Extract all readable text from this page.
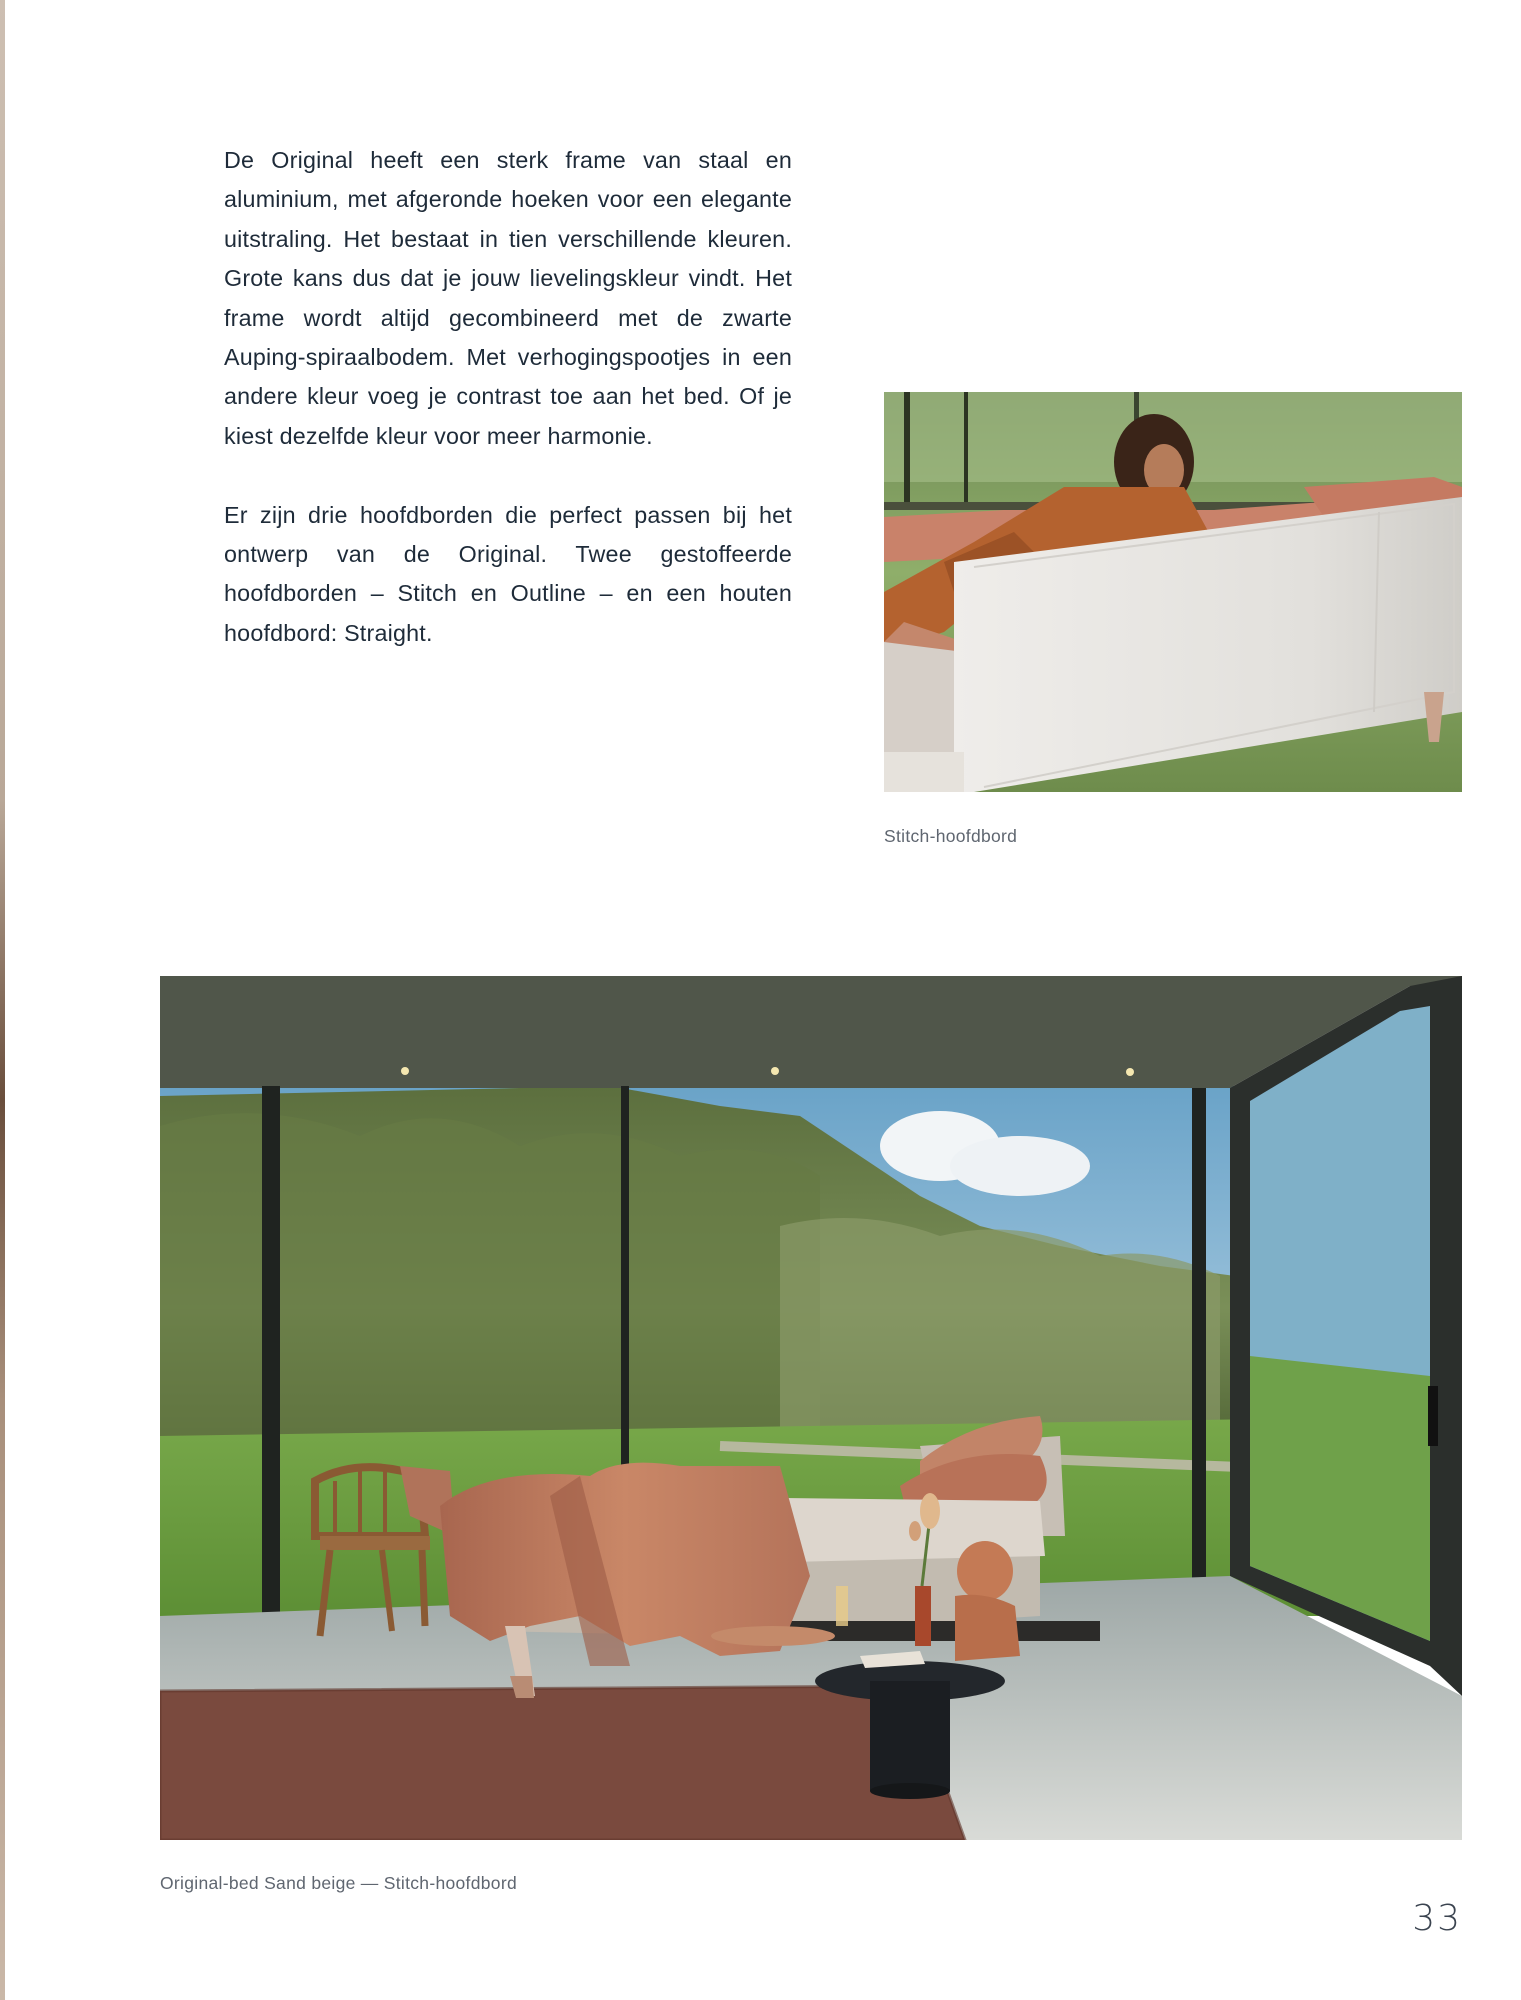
De Original heeft een sterk frame van staal en aluminium, met afgeronde hoeken voor een elegante uitstraling. Het bestaat in tien verschillende kleuren. Grote kans dus dat je jouw lievelingskleur vindt. Het frame wordt altijd gecombineerd met de zwarte Auping-spiraalbodem. Met verhogingspootjes in een andere kleur voeg je contrast toe aan het bed. Of je kiest dezelfde kleur voor meer harmonie.

Er zijn drie hoofdborden die perfect passen bij het ontwerp van de Original. Twee gestoffeerde hoofdborden – Stitch en Outline – en een houten hoofdbord: Straight.

Stitch-hoofdbord
Original-bed Sand beige — Stitch-hoofdbord
33
